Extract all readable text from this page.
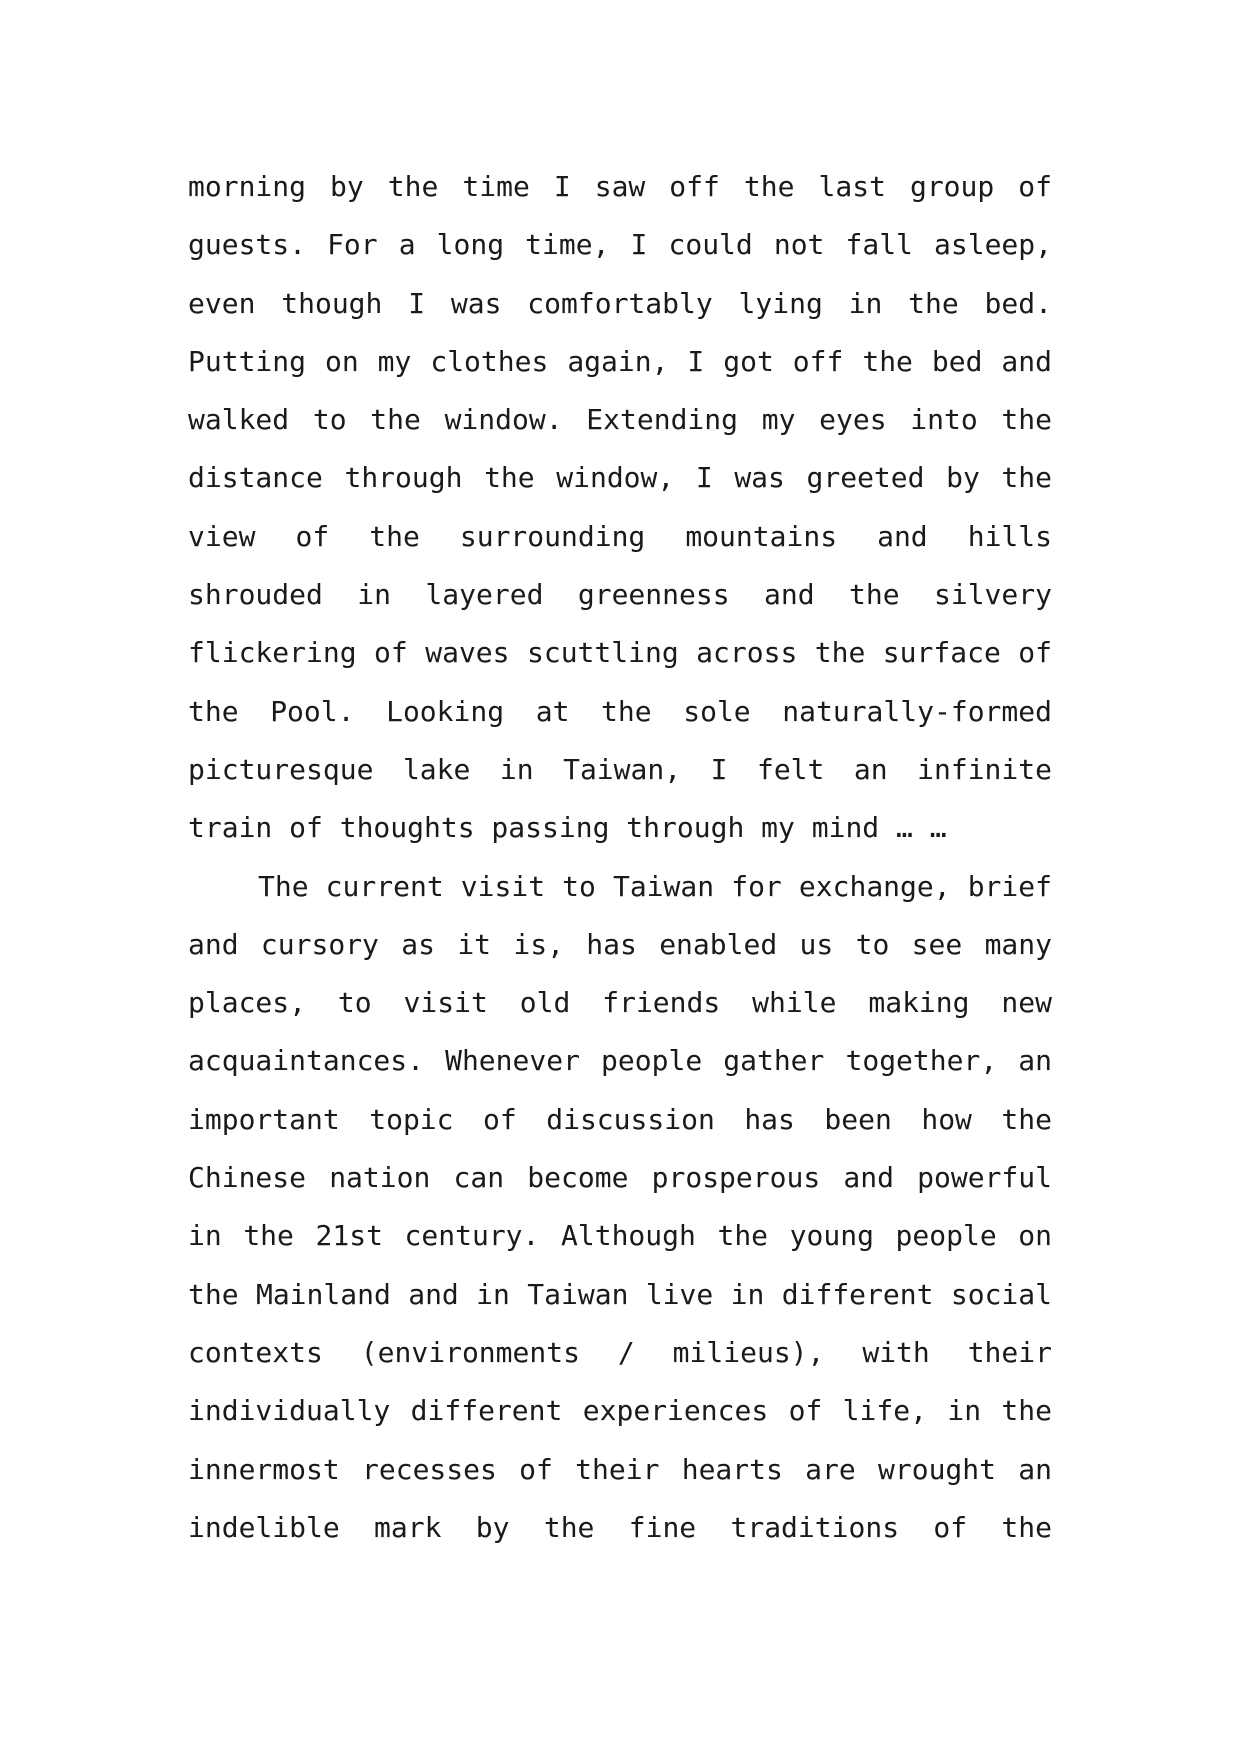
morning by the time I saw off the last group of
guests. For a long time, I could not fall asleep,
even though I was comfortably lying in the bed.
Putting on my clothes again, I got off the bed and
walked to the window. Extending my eyes into the
distance through the window, I was greeted by the
view of the surrounding mountains and hills
shrouded in layered greenness and the silvery
flickering of waves scuttling across the surface of
the Pool. Looking at the sole naturally-formed
picturesque lake in Taiwan, I felt an infinite
train of thoughts passing through my mind … …
The current visit to Taiwan for exchange, brief
and cursory as it is, has enabled us to see many
places, to visit old friends while making new
acquaintances. Whenever people gather together, an
important topic of discussion has been how the
Chinese nation can become prosperous and powerful
in the 21st century. Although the young people on
the Mainland and in Taiwan live in different social
contexts (environments / milieus), with their
individually different experiences of life, in the
innermost recesses of their hearts are wrought an
indelible mark by the fine traditions of the
